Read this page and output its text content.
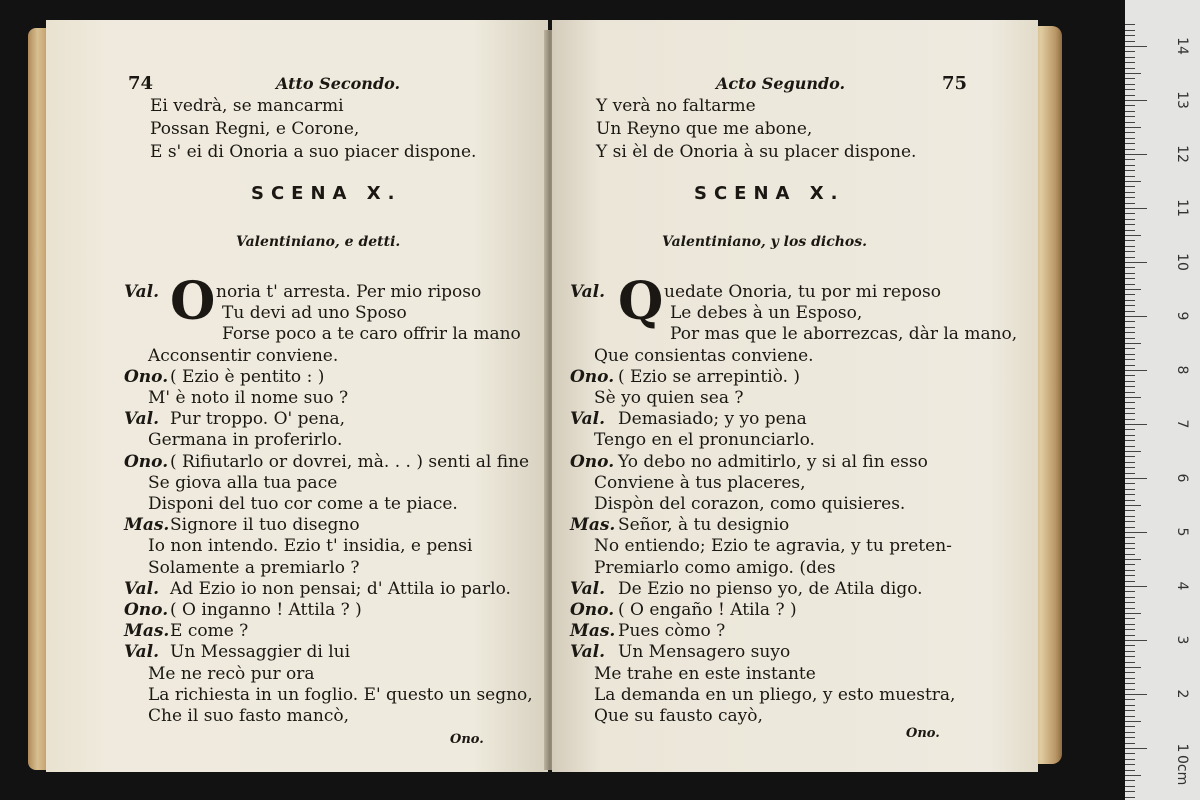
74	Atto Secondo.
Ei vedrà, se mancarmi
Possan Regni, e Corone,
E s' ei di Onoria a suo piacer dispone.
SCENA X.
Valentiniano, e detti.
O
Val.	noria t' arresta. Per mio riposo
Tu devi ad uno Sposo
Forse poco a te caro offrir la mano
Acconsentir conviene.
Ono. ( Ezio è pentito : )
M' è noto il nome suo ?
Val. Pur troppo. O' pena,
Germana in proferirlo.
Ono. ( Rifiutarlo or dovrei, mà. . . ) senti al fine
Se giova alla tua pace
Disponi del tuo cor come a te piace.
Mas. Signore il tuo disegno
Io non intendo. Ezio t' insidia, e pensi
Solamente a premiarlo ?
Val. Ad Ezio io non pensai; d' Attila io parlo.
Ono. ( O inganno ! Attila ? )
Mas. E come ?
Val. Un Messaggier di lui
Me ne recò pur ora
La richiesta in un foglio. E' questo un segno,
Che il suo fasto mancò,
Ono.
Acto Segundo.	75
Y verà no faltarme
Un Reyno que me abone,
Y si èl de Onoria à su placer dispone.
SCENA X.
Valentiniano, y los dichos.
Q
Val.	uedate Onoria, tu por mi reposo
Le debes à un Esposo,
Por mas que le aborrezcas, dàr la mano,
Que consientas conviene.
Ono. ( Ezio se arrepintiò. )
Sè yo quien sea ?
Val. Demasiado; y yo pena
Tengo en el pronunciarlo.
Ono. Yo debo no admitirlo, y si al fin esso
Conviene à tus placeres,
Dispòn del corazon, como quisieres.
Mas. Señor, à tu designio
No entiendo; Ezio te agravia, y tu preten-
Premiarlo como amigo. (des
Val. De Ezio no pienso yo, de Atila digo.
Ono. ( O engaño ! Atila ? )
Mas. Pues còmo ?
Val. Un Mensagero suyo
Me trahe en este instante
La demanda en un pliego, y esto muestra,
Que su fausto cayò,
Ono.
14
13
12
11
10
9
8
7
6
5
4
3
2
1
0cm
